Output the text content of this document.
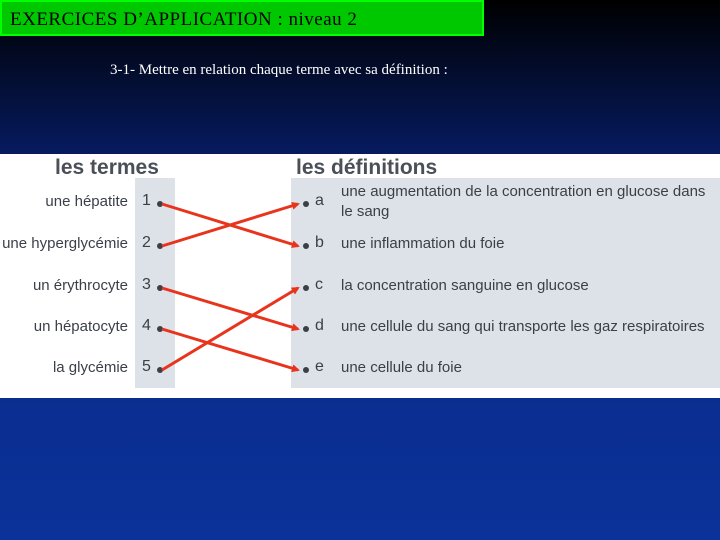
EXERCICES D’APPLICATION : niveau 2
3-1- Mettre en relation chaque terme avec sa définition :
les termes	les définitions
une hépatite
une hyperglycémie
un érythrocyte
un hépatocyte
la glycémie
1
2
3
4
5
a
b
c
d
e
une augmentation de la concentration en glucose dans le sang
une inflammation du foie
la concentration sanguine en glucose
une cellule du sang qui transporte les gaz respiratoires
une cellule du foie
